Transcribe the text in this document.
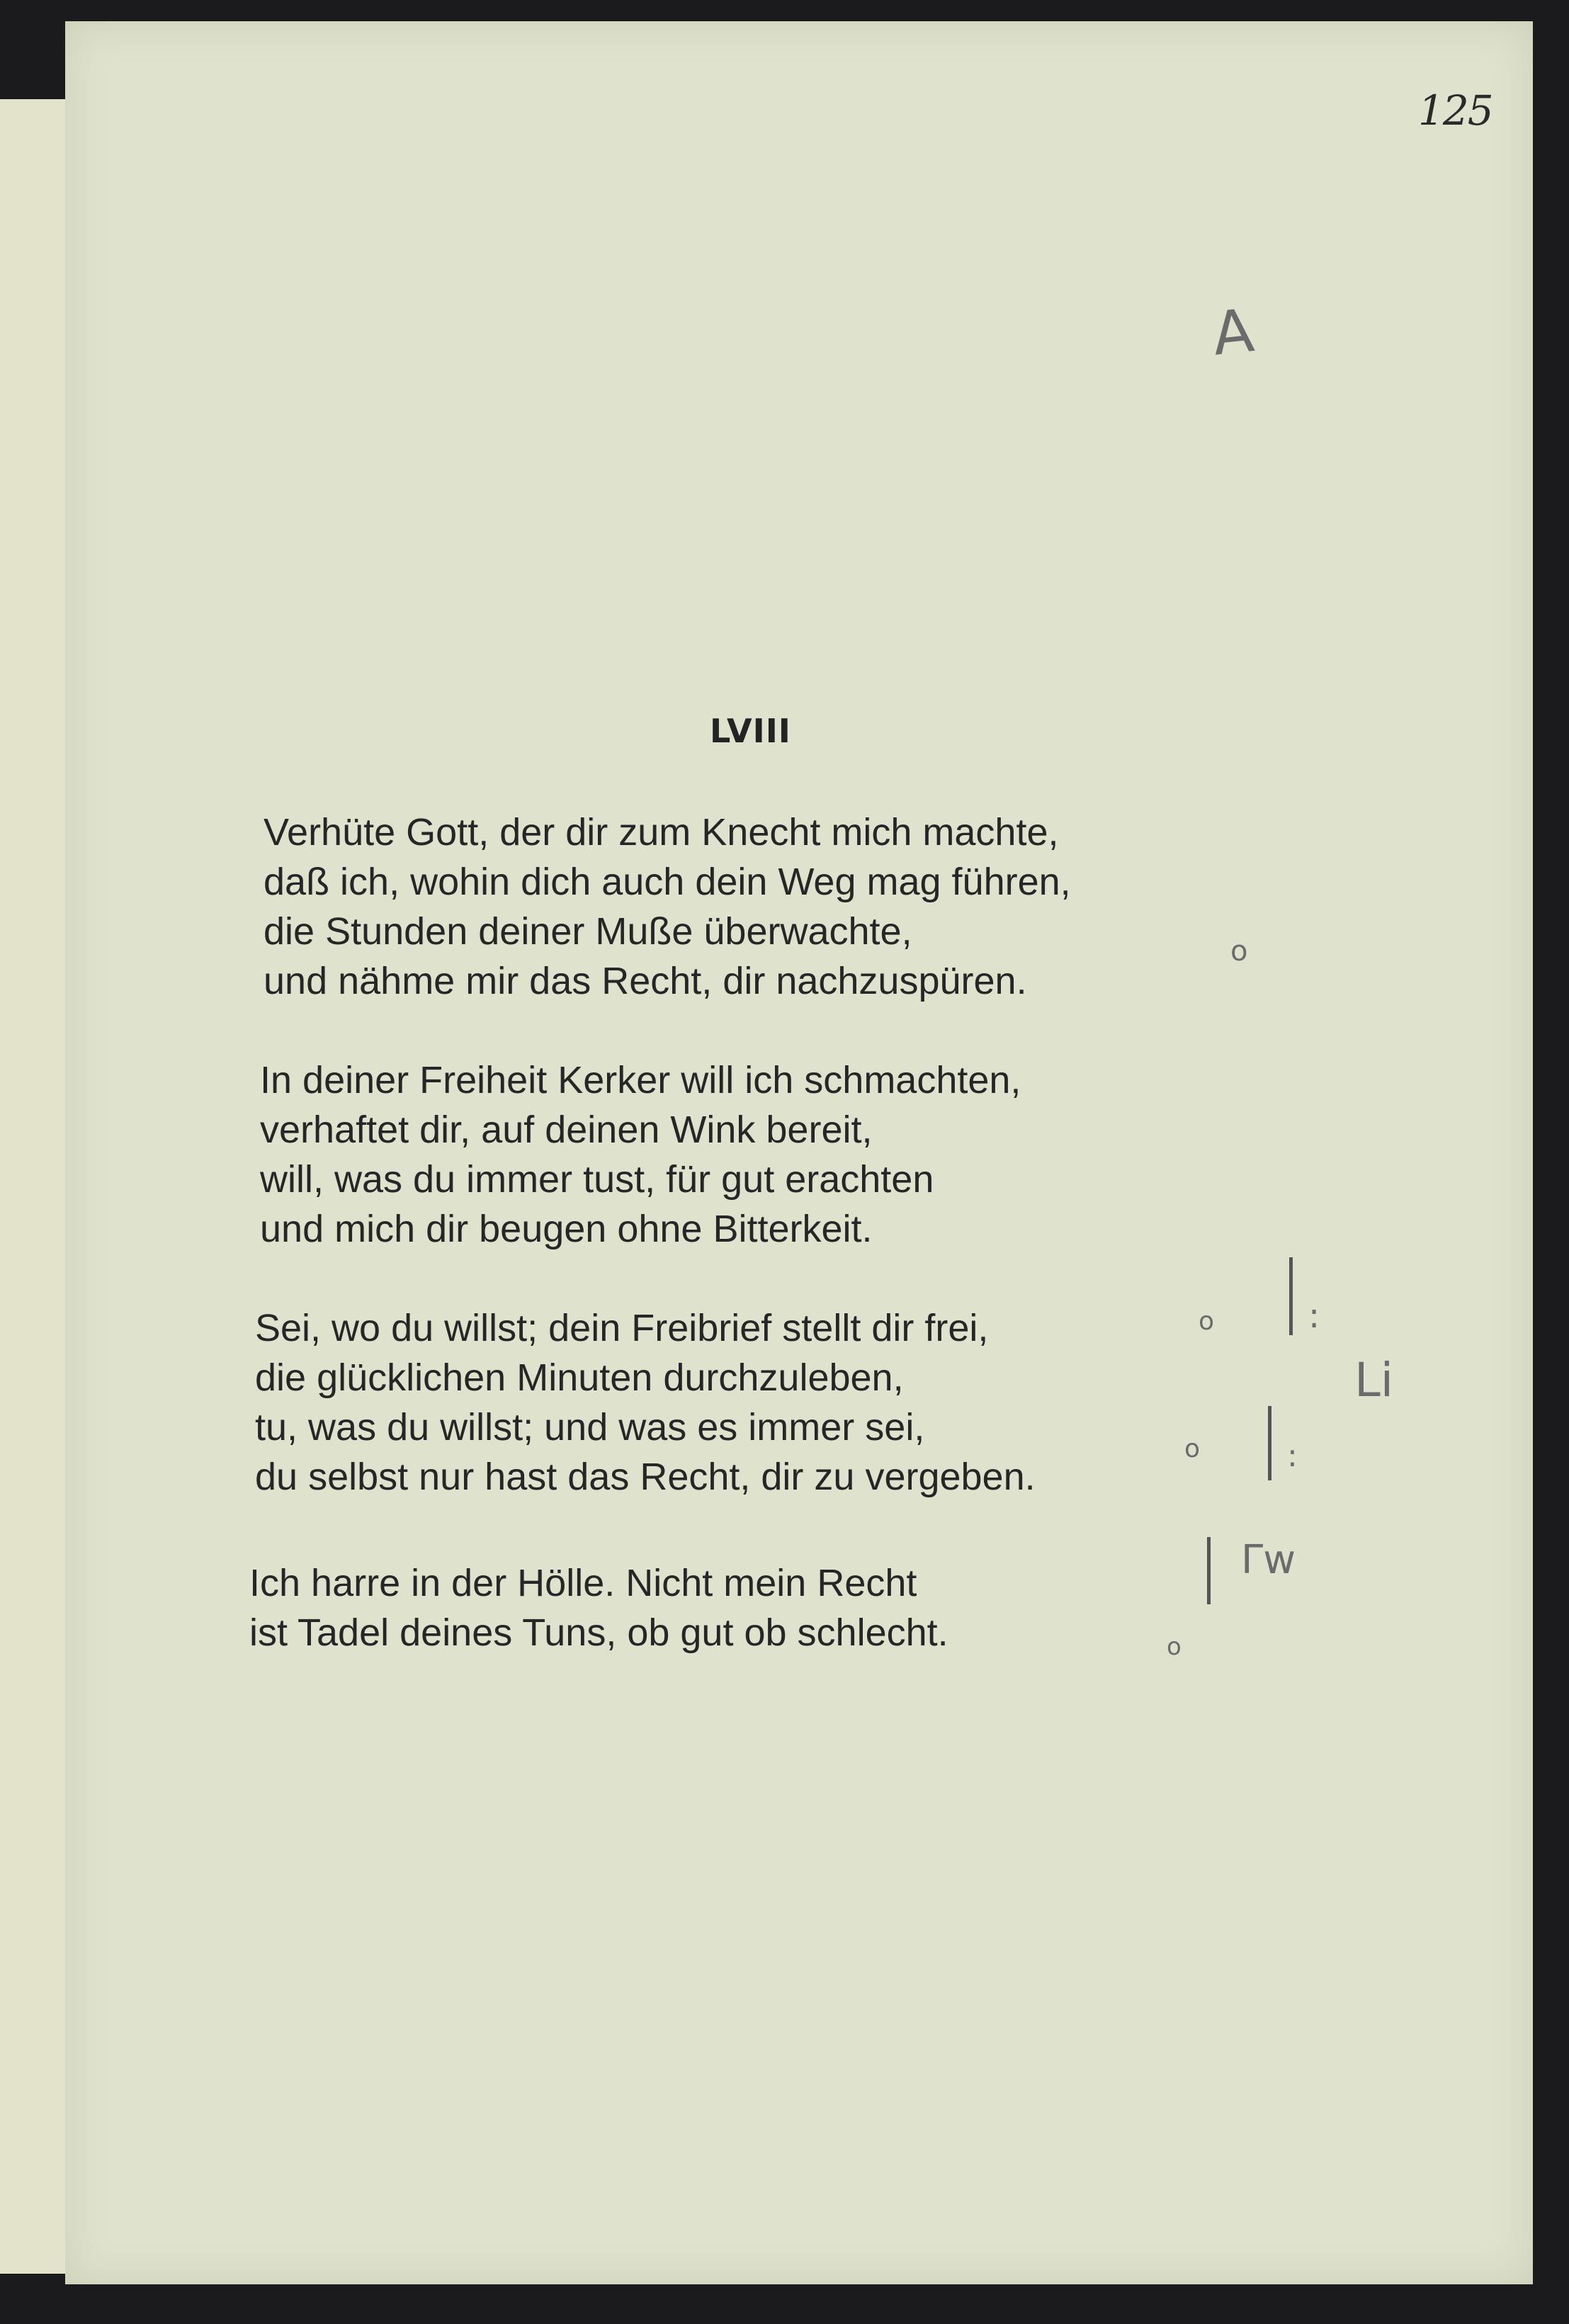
125
A
LVIII
Verhüte Gott, der dir zum Knecht mich machte,
daß ich, wohin dich auch dein Weg mag führen,
die Stunden deiner Muße überwachte,
und nähme mir das Recht, dir nachzuspüren.
In deiner Freiheit Kerker will ich schmachten,
verhaftet dir, auf deinen Wink bereit,
will, was du immer tust, für gut erachten
und mich dir beugen ohne Bitterkeit.
Sei, wo du willst; dein Freibrief stellt dir frei,
die glücklichen Minuten durchzuleben,
tu, was du willst; und was es immer sei,
du selbst nur hast das Recht, dir zu vergeben.
Ich harre in der Hölle. Nicht mein Recht
ist Tadel deines Tuns, ob gut ob schlecht.
o
o
o
o
:
:
Li
Γw
